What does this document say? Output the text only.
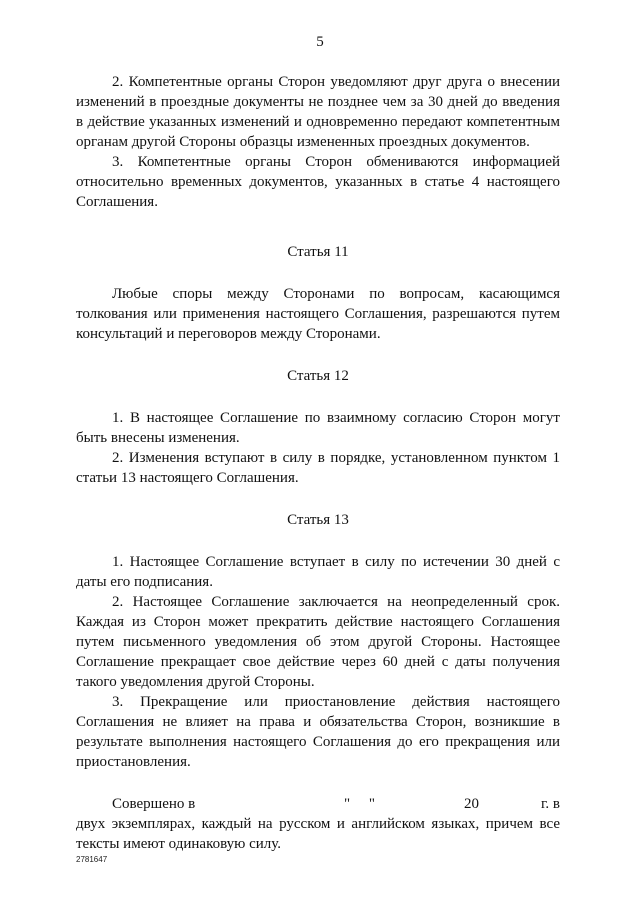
5

2. Компетентные органы Сторон уведомляют друг друга о внесении изменений в проездные документы не позднее чем за 30 дней до введения в действие указанных изменений и одновременно передают компетентным органам другой Стороны образцы измененных проездных документов.

3. Компетентные органы Сторон обмениваются информацией относительно временных документов, указанных в статье 4 настоящего Соглашения.

Статья 11

Любые споры между Сторонами по вопросам, касающимся толкования или применения настоящего Соглашения, разрешаются путем консультаций и переговоров между Сторонами.

Статья 12

1. В настоящее Соглашение по взаимному согласию Сторон могут быть внесены изменения.

2. Изменения вступают в силу в порядке, установленном пунктом 1 статьи 13 настоящего Соглашения.

Статья 13

1. Настоящее Соглашение вступает в силу по истечении 30 дней с даты его подписания.

2. Настоящее Соглашение заключается на неопределенный срок. Каждая из Сторон может прекратить действие настоящего Соглашения путем письменного уведомления об этом другой Стороны. Настоящее Соглашение прекращает свое действие через 60 дней с даты получения такого уведомления другой Стороны.

3. Прекращение или приостановление действия настоящего Соглашения не влияет на права и обязательства Сторон, возникшие в результате выполнения настоящего Соглашения до его прекращения или приостановления.

Совершено в	"     "	20	г. в

двух экземплярах, каждый на русском и английском языках, причем все тексты имеют одинаковую силу.

2781647
